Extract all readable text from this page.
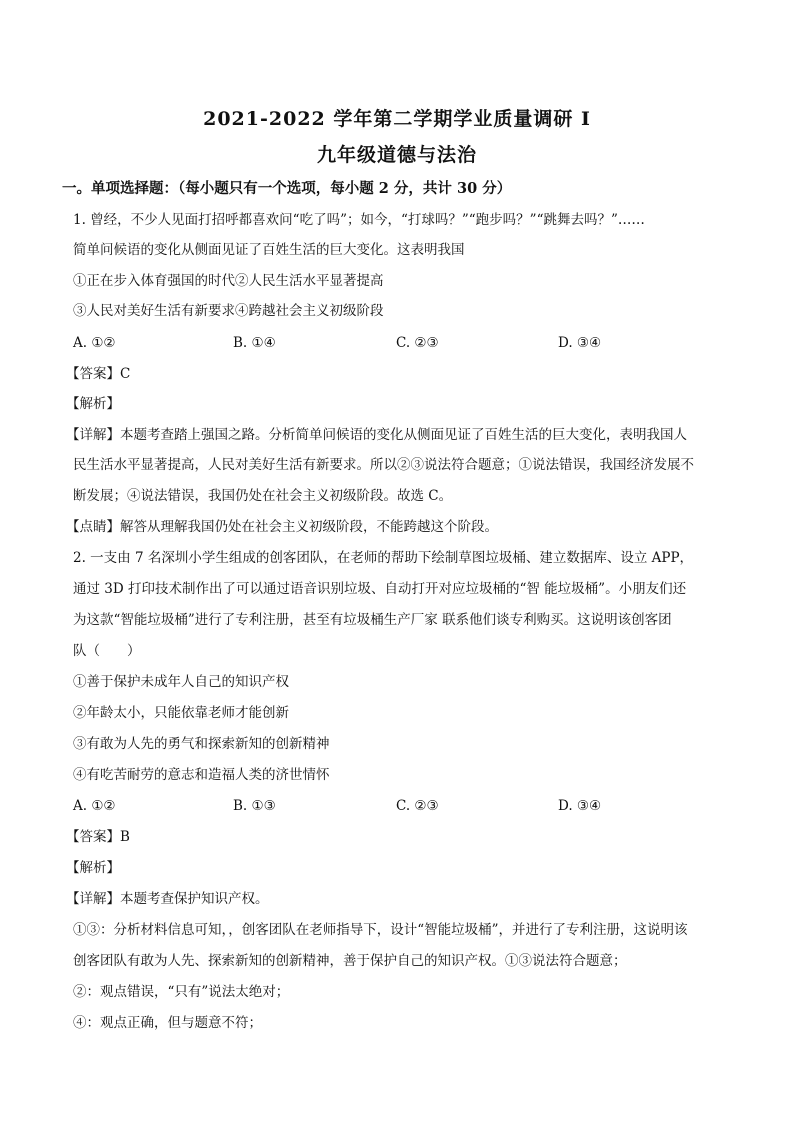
2021-2022 学年第二学期学业质量调研 Ⅰ
九年级道德与法治
一。单项选择题：（每小题只有一个选项，每小题 2 分，共计 30 分）
1. 曾经，不少人见面打招呼都喜欢问“吃了吗”；如今，“打球吗？”“跑步吗？”“跳舞去吗？”……
简单问候语的变化从侧面见证了百姓生活的巨大变化。这表明我国
①正在步入体育强国的时代②人民生活水平显著提高
③人民对美好生活有新要求④跨越社会主义初级阶段
A. ①②	B. ①④	C. ②③	D. ③④
【答案】C
【解析】
【详解】本题考查踏上强国之路。分析简单问候语的变化从侧面见证了百姓生活的巨大变化，表明我国人
民生活水平显著提高，人民对美好生活有新要求。所以②③说法符合题意；①说法错误，我国经济发展不
断发展；④说法错误，我国仍处在社会主义初级阶段。故选 C。
【点睛】解答从理解我国仍处在社会主义初级阶段，不能跨越这个阶段。
2. 一支由 7 名深圳小学生组成的创客团队，在老师的帮助下绘制草图垃圾桶、建立数据库、设立 APP，
通过 3D 打印技术制作出了可以通过语音识别垃圾、自动打开对应垃圾桶的“智 能垃圾桶”。小朋友们还
为这款“智能垃圾桶”进行了专利注册，甚至有垃圾桶生产厂家 联系他们谈专利购买。这说明该创客团
队（　　）
①善于保护未成年人自己的知识产权
②年龄太小，只能依靠老师才能创新
③有敢为人先的勇气和探索新知的创新精神
④有吃苦耐劳的意志和造福人类的济世情怀
A. ①②	B. ①③	C. ②③	D. ③④
【答案】B
【解析】
【详解】本题考查保护知识产权。
①③：分析材料信息可知，，创客团队在老师指导下，设计“智能垃圾桶”，并进行了专利注册，这说明该
创客团队有敢为人先、探索新知的创新精神，善于保护自己的知识产权。①③说法符合题意；
②：观点错误，“只有”说法太绝对；
④：观点正确，但与题意不符；
